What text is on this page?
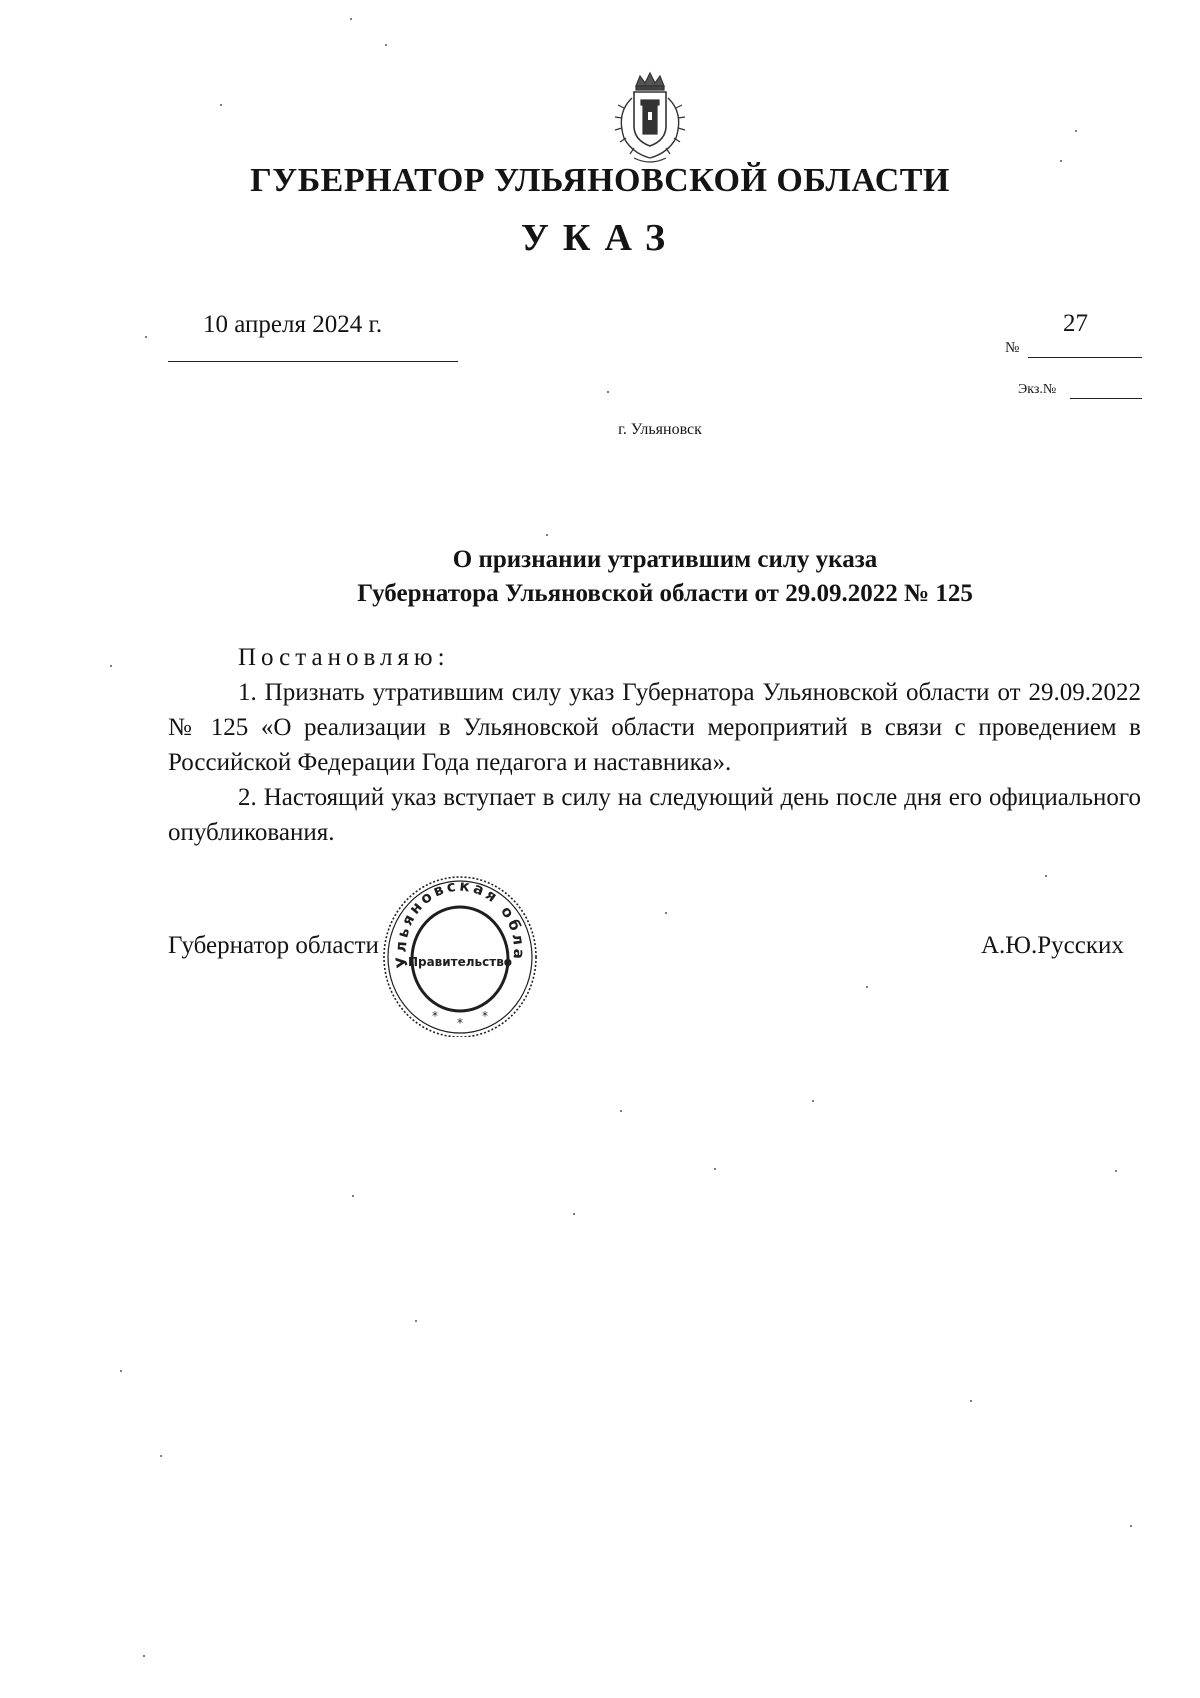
ГУБЕРНАТОР УЛЬЯНОВСКОЙ ОБЛАСТИ
УКАЗ
10 апреля 2024 г.	27
№
Экз.№
г. Ульяновск
О признании утратившим силу указа
Губернатора Ульяновской области от 29.09.2022 № 125
Постановляю:

1. Признать утратившим силу указ Губернатора Ульяновской области от 29.09.2022 № 125 «О реализации в Ульяновской области мероприятий в связи с проведением в Российской Федерации Года педагога и наставника».

2. Настоящий указ вступает в силу на следующий день после дня его официального опубликования.

Губернатор области	А.Ю.Русских
Ульяновская обла
Правительство
* * *
